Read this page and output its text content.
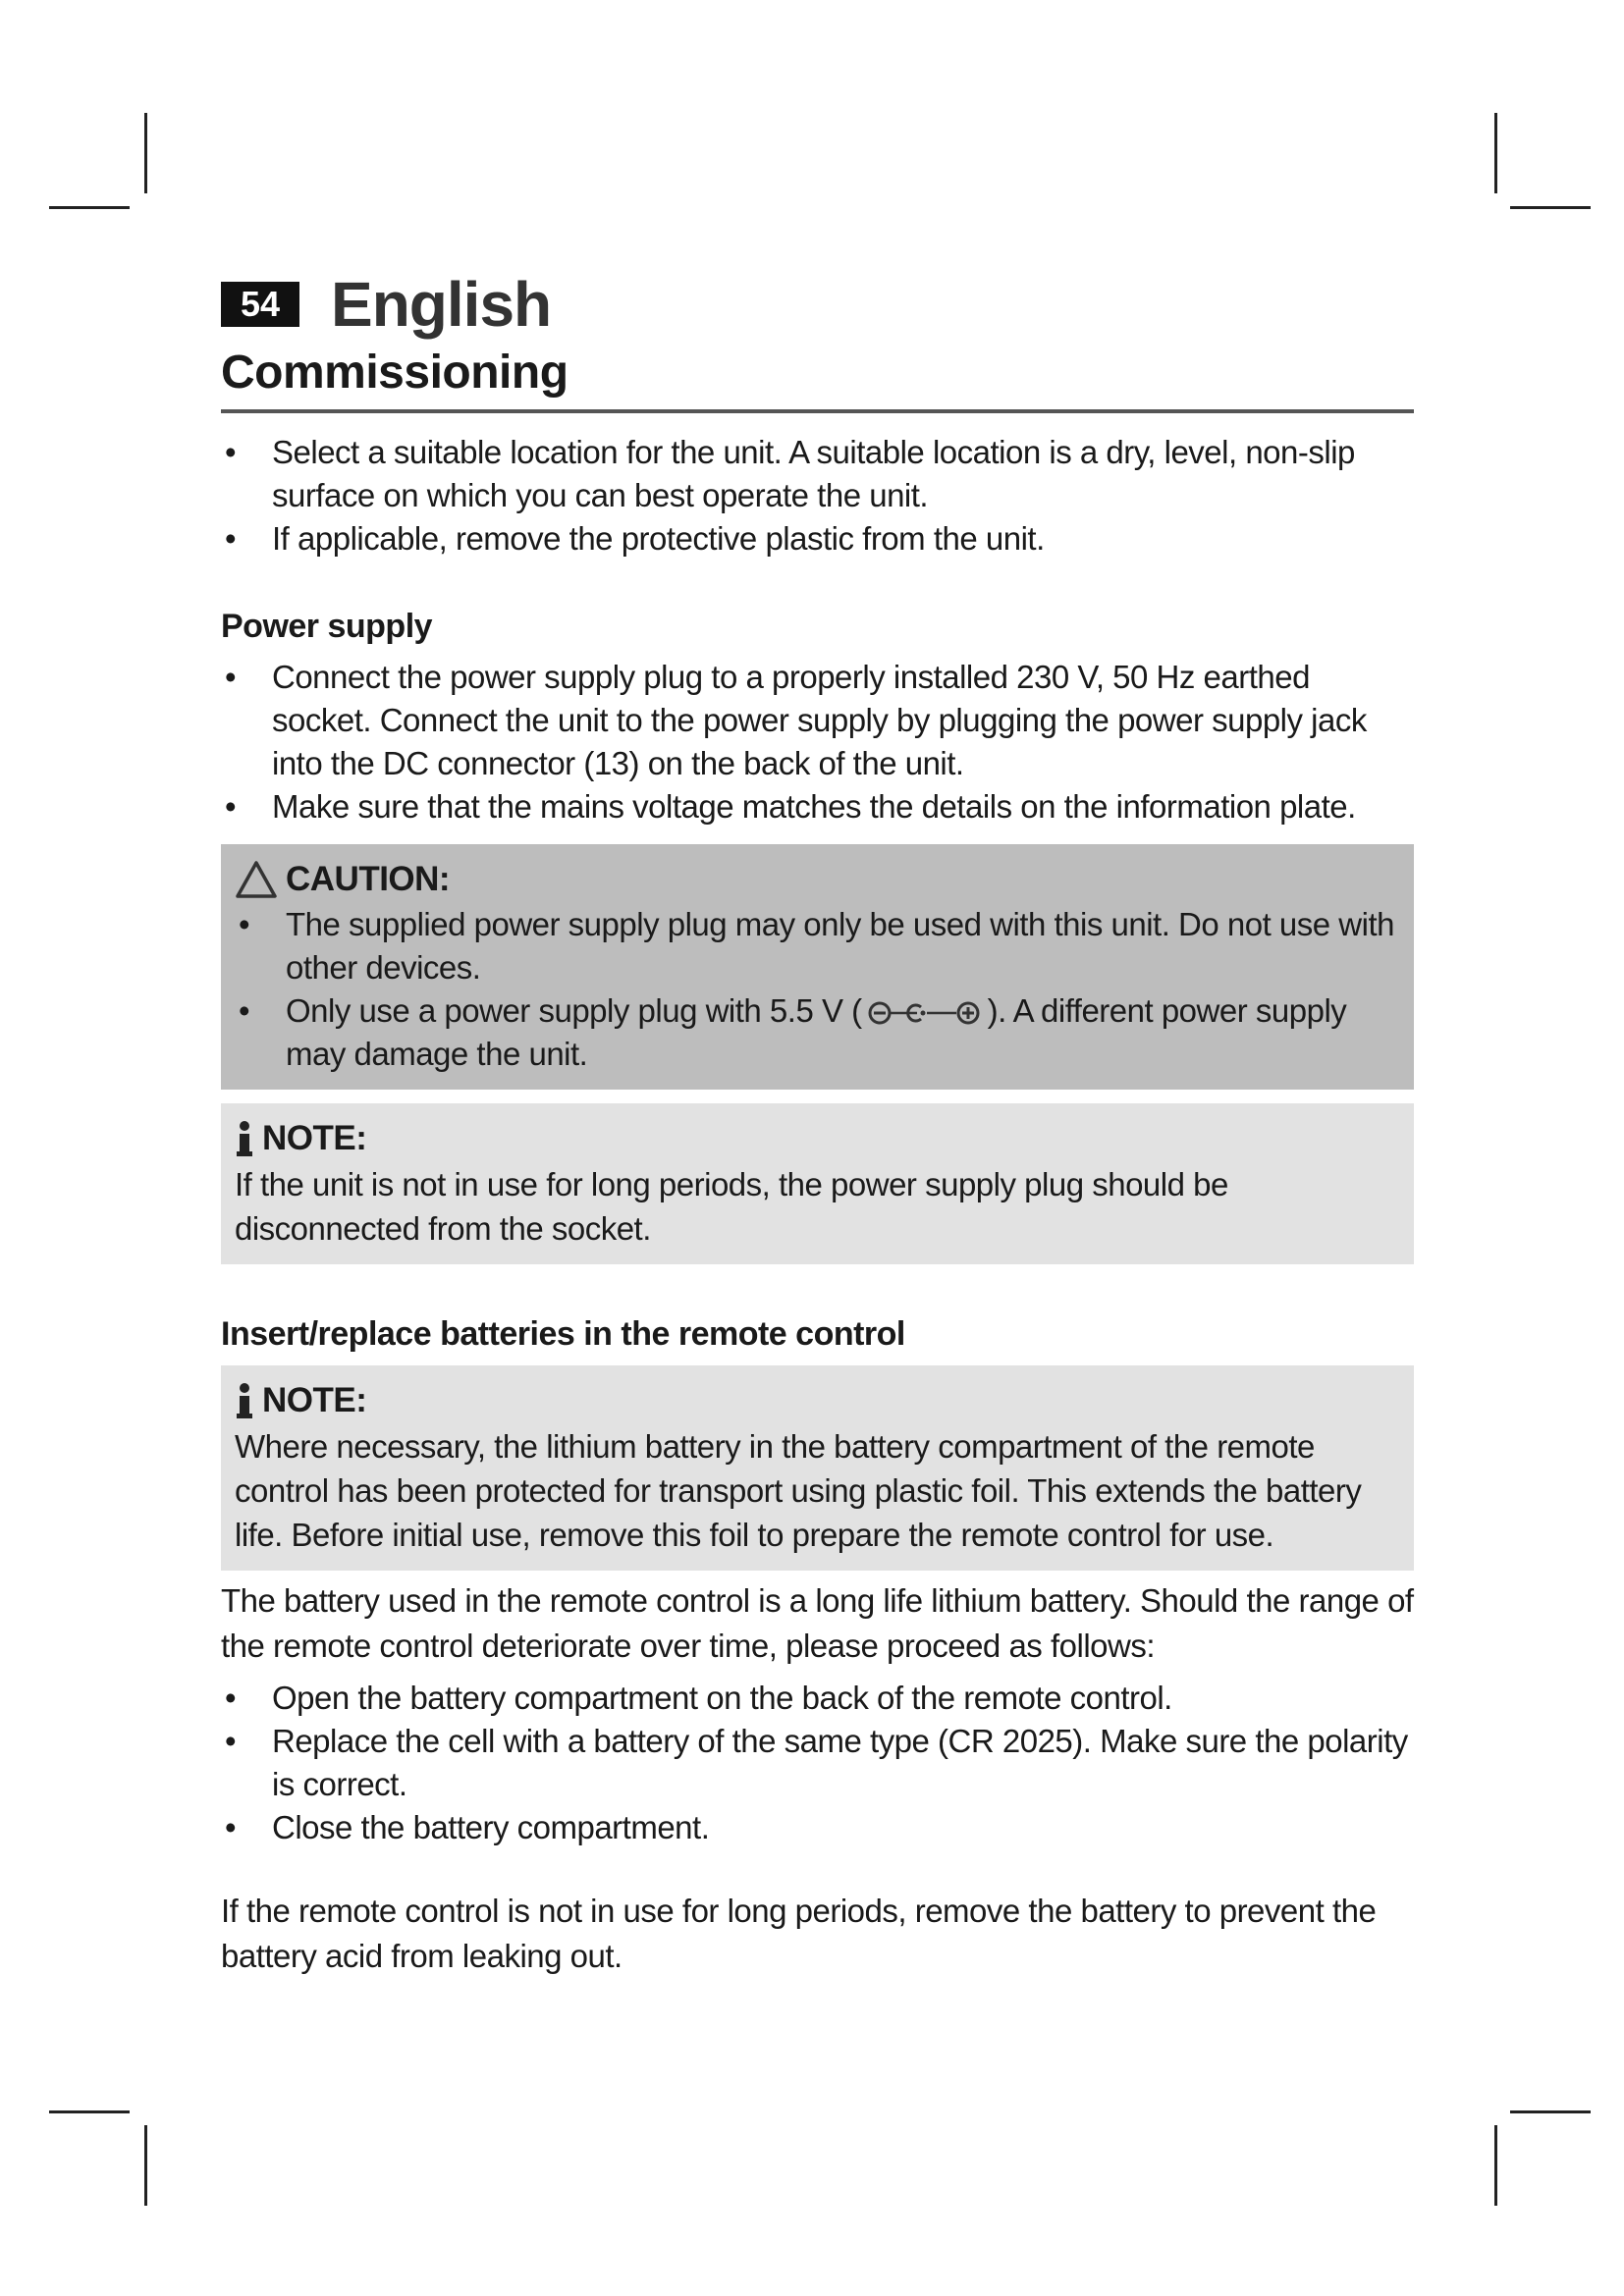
54 English
Commissioning
• Select a suitable location for the unit. A suitable location is a dry, level, non-slip surface on which you can best operate the unit.
• If applicable, remove the protective plastic from the unit.
Power supply
• Connect the power supply plug to a properly installed 230 V, 50 Hz earthed socket. Connect the unit to the power supply by plugging the power supply jack into the DC connector (13) on the back of the unit.
• Make sure that the mains voltage matches the details on the information plate.
CAUTION:
• The supplied power supply plug may only be used with this unit. Do not use with other devices.
• Only use a power supply plug with 5.5 V (	). A different power supply may damage the unit.
NOTE:

If the unit is not in use for long periods, the power supply plug should be disconnected from the socket.

Insert/replace batteries in the remote control
NOTE:

Where necessary, the lithium battery in the battery compartment of the remote control has been protected for transport using plastic foil. This extends the battery life. Before initial use, remove this foil to prepare the remote control for use.

The battery used in the remote control is a long life lithium battery. Should the range of the remote control deteriorate over time, please proceed as follows:

• Open the battery compartment on the back of the remote control.
• Replace the cell with a battery of the same type (CR 2025). Make sure the polarity is correct.
• Close the battery compartment.

If the remote control is not in use for long periods, remove the battery to prevent the battery acid from leaking out.
